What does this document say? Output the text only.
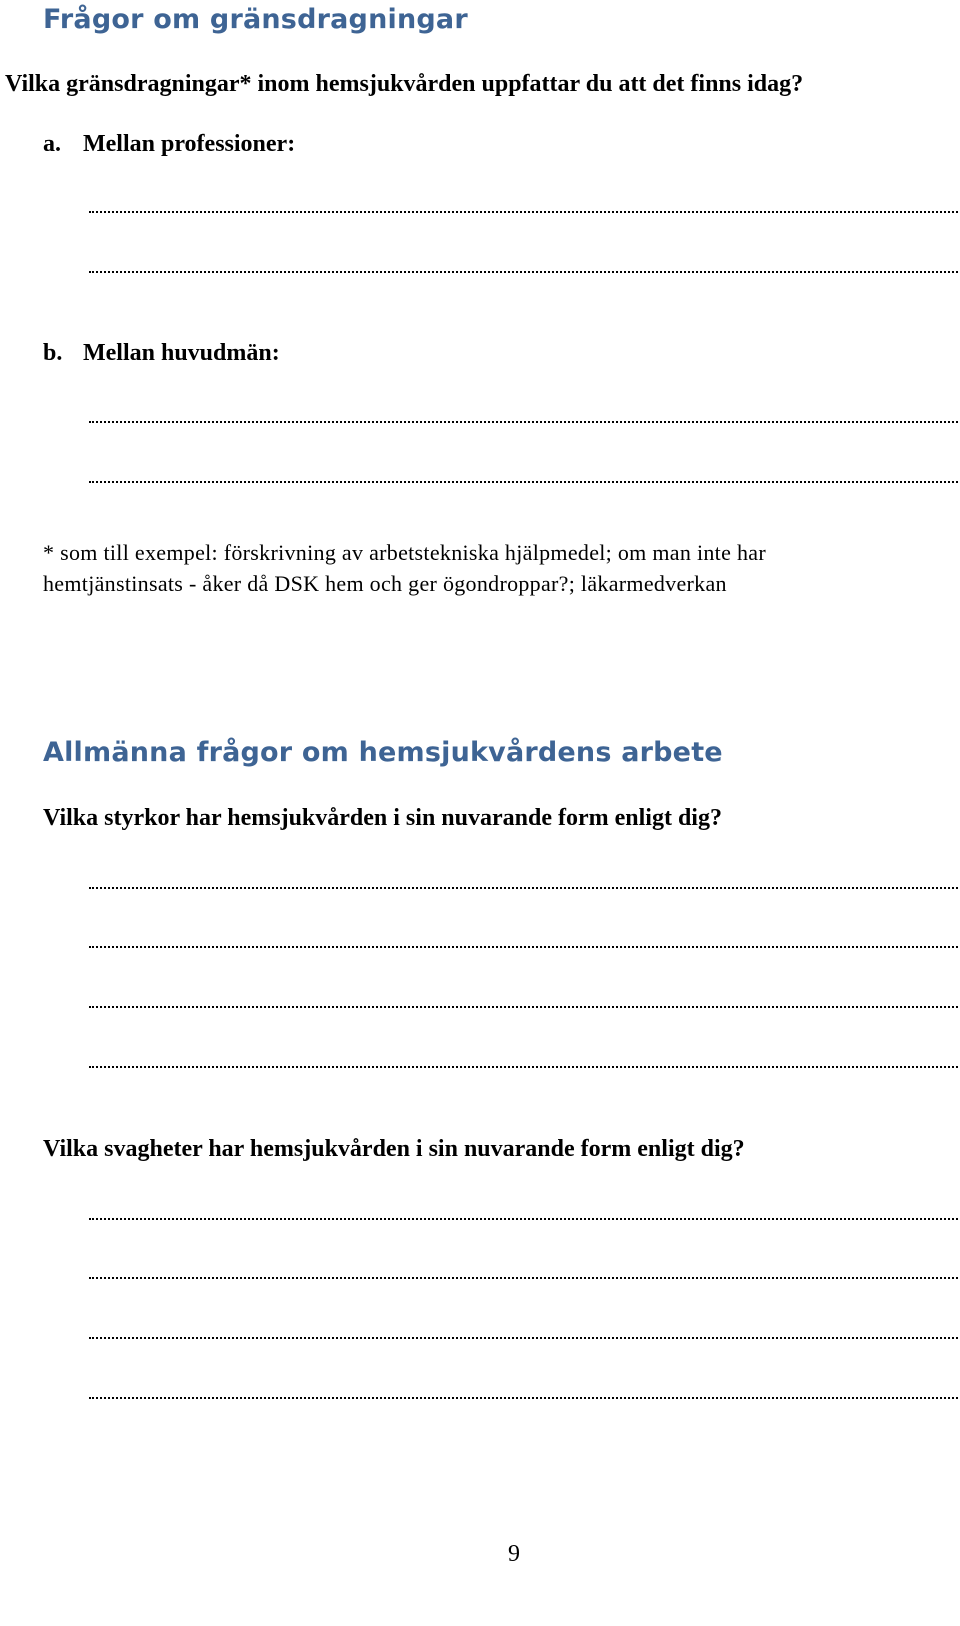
Frågor om gränsdragningar
Vilka gränsdragningar* inom hemsjukvården uppfattar du att det finns idag?
a. Mellan professioner:
b. Mellan huvudmän:
* som till exempel: förskrivning av arbetstekniska hjälpmedel; om man inte har
hemtjänstinsats - åker då DSK hem och ger ögondroppar?; läkarmedverkan
Allmänna frågor om hemsjukvårdens arbete
Vilka styrkor har hemsjukvården i sin nuvarande form enligt dig?
Vilka svagheter har hemsjukvården i sin nuvarande form enligt dig?
9
